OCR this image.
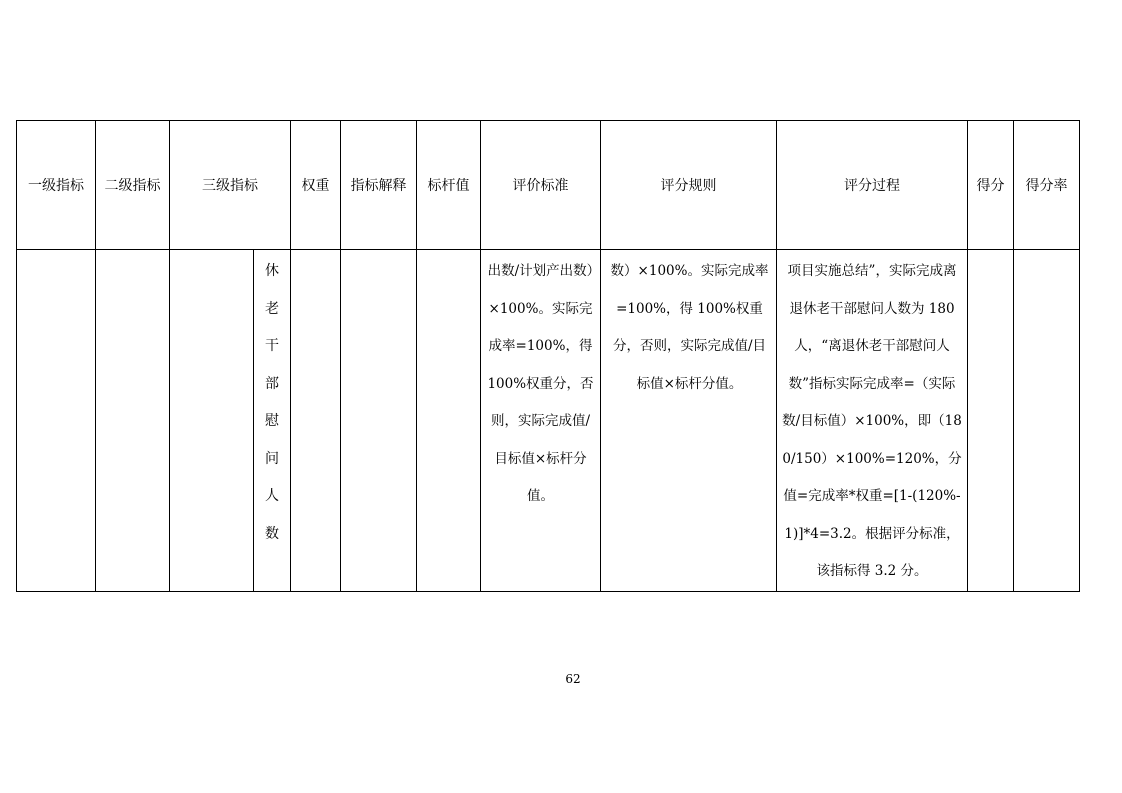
一级指标	二级指标	三级指标		权重	指标解释	标杆值	评价标准	评分规则	评分过程	得分	得分率

			休老干部慰问人数				出数/计划产出数）×100%。实际完成率=100%，得100%权重分，否则，实际完成值/目标值×标杆分值。	数）×100%。实际完成率=100%，得 100%权重分，否则，实际完成值/目标值×标杆分值。	项目实施总结”，实际完成离退休老干部慰问人数为 180人，“离退休老干部慰问人数”指标实际完成率=（实际数/目标值）×100%，即（180/150）×100%=120%，分值=完成率*权重=[1-(120%-1)]*4=3.2。根据评分标准，该指标得 3.2 分。		

62
